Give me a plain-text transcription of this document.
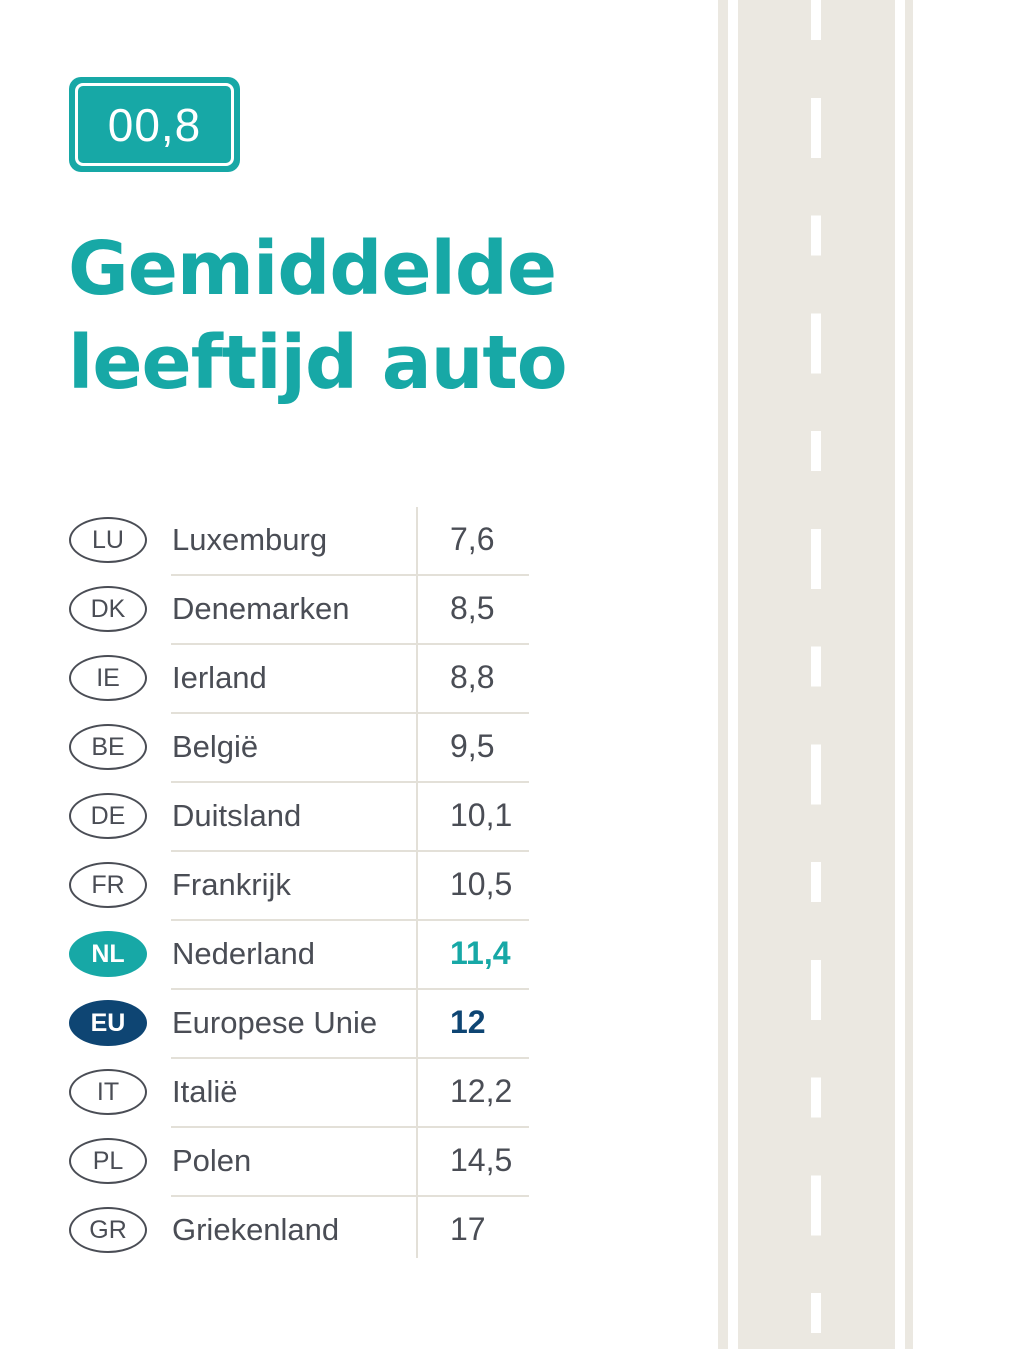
00,8
Gemiddelde
leeftijd auto
LU	Luxemburg	7,6
DK	Denemarken	8,5
IE	Ierland	8,8
BE	België	9,5
DE	Duitsland	10,1
FR	Frankrijk	10,5
NL	Nederland	11,4
EU	Europese Unie 12
IT	Italië	12,2
PL	Polen	14,5
GR	Griekenland	17
